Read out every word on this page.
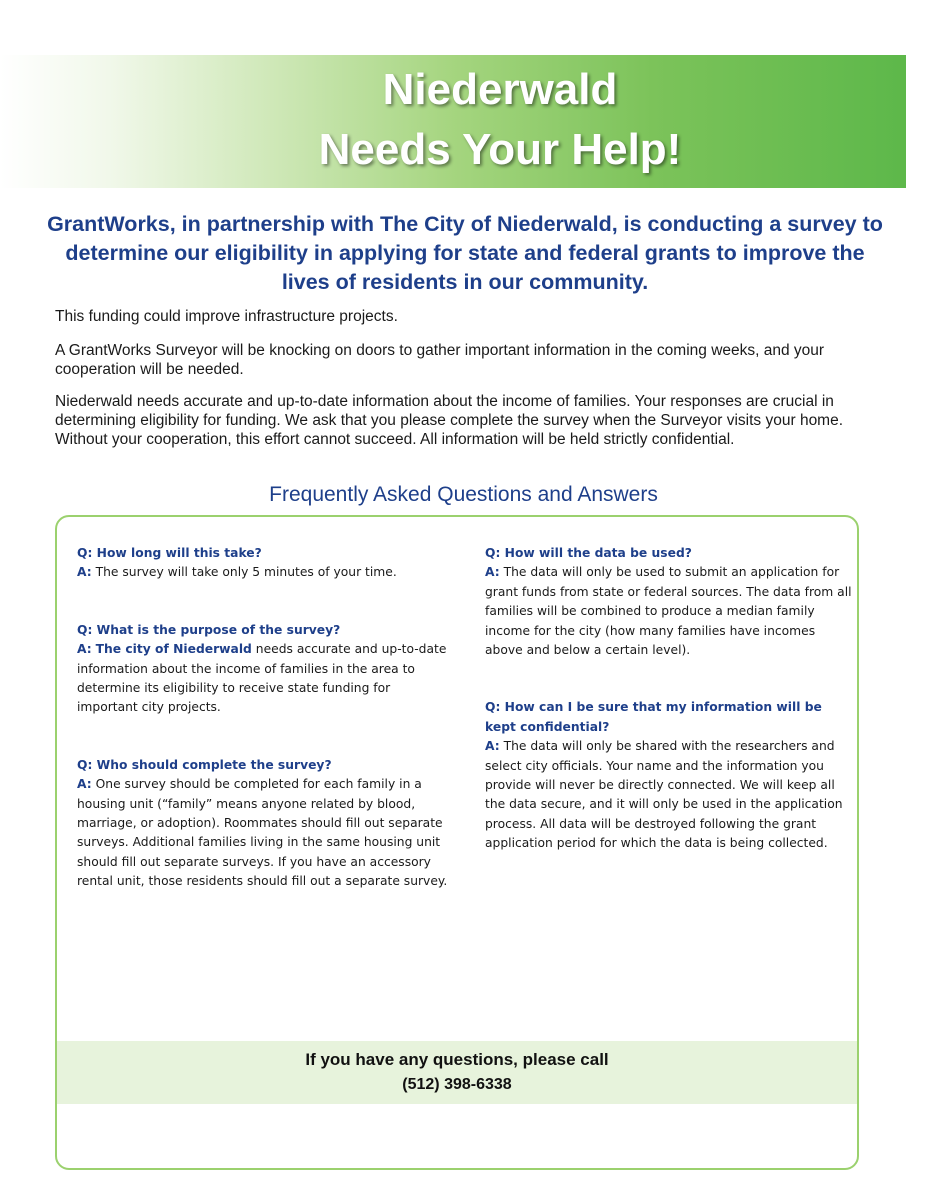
Niederwald
Needs Your Help!
GrantWorks, in partnership with The City of Niederwald, is conducting a survey to determine our eligibility in applying for state and federal grants to improve the lives of residents in our community.
This funding could improve infrastructure projects.
A GrantWorks Surveyor will be knocking on doors to gather important information in the coming weeks, and your cooperation will be needed.
Niederwald needs accurate and up-to-date information about the income of families. Your responses are crucial in determining eligibility for funding. We ask that you please complete the survey when the Surveyor visits your home. Without your cooperation, this effort cannot succeed. All information will be held strictly confidential.
Frequently Asked Questions and Answers
Q: How long will this take?
A: The survey will take only 5 minutes of your time.
Q: What is the purpose of the survey?
A: The city of Niederwald needs accurate and up-to-date information about the income of families in the area to determine its eligibility to receive state funding for important city projects.
Q: Who should complete the survey?
A: One survey should be completed for each family in a housing unit (“family” means anyone related by blood, marriage, or adoption). Roommates should fill out separate surveys. Additional families living in the same housing unit should fill out separate surveys. If you have an accessory rental unit, those residents should fill out a separate survey.
Q: How will the data be used?
A: The data will only be used to submit an application for grant funds from state or federal sources. The data from all families will be combined to produce a median family income for the city (how many families have incomes above and below a certain level).
Q: How can I be sure that my information will be kept confidential?
A: The data will only be shared with the researchers and select city officials. Your name and the information you provide will never be directly connected. We will keep all the data secure, and it will only be used in the application process. All data will be destroyed following the grant application period for which the data is being collected.
If you have any questions, please call
(512) 398-6338
